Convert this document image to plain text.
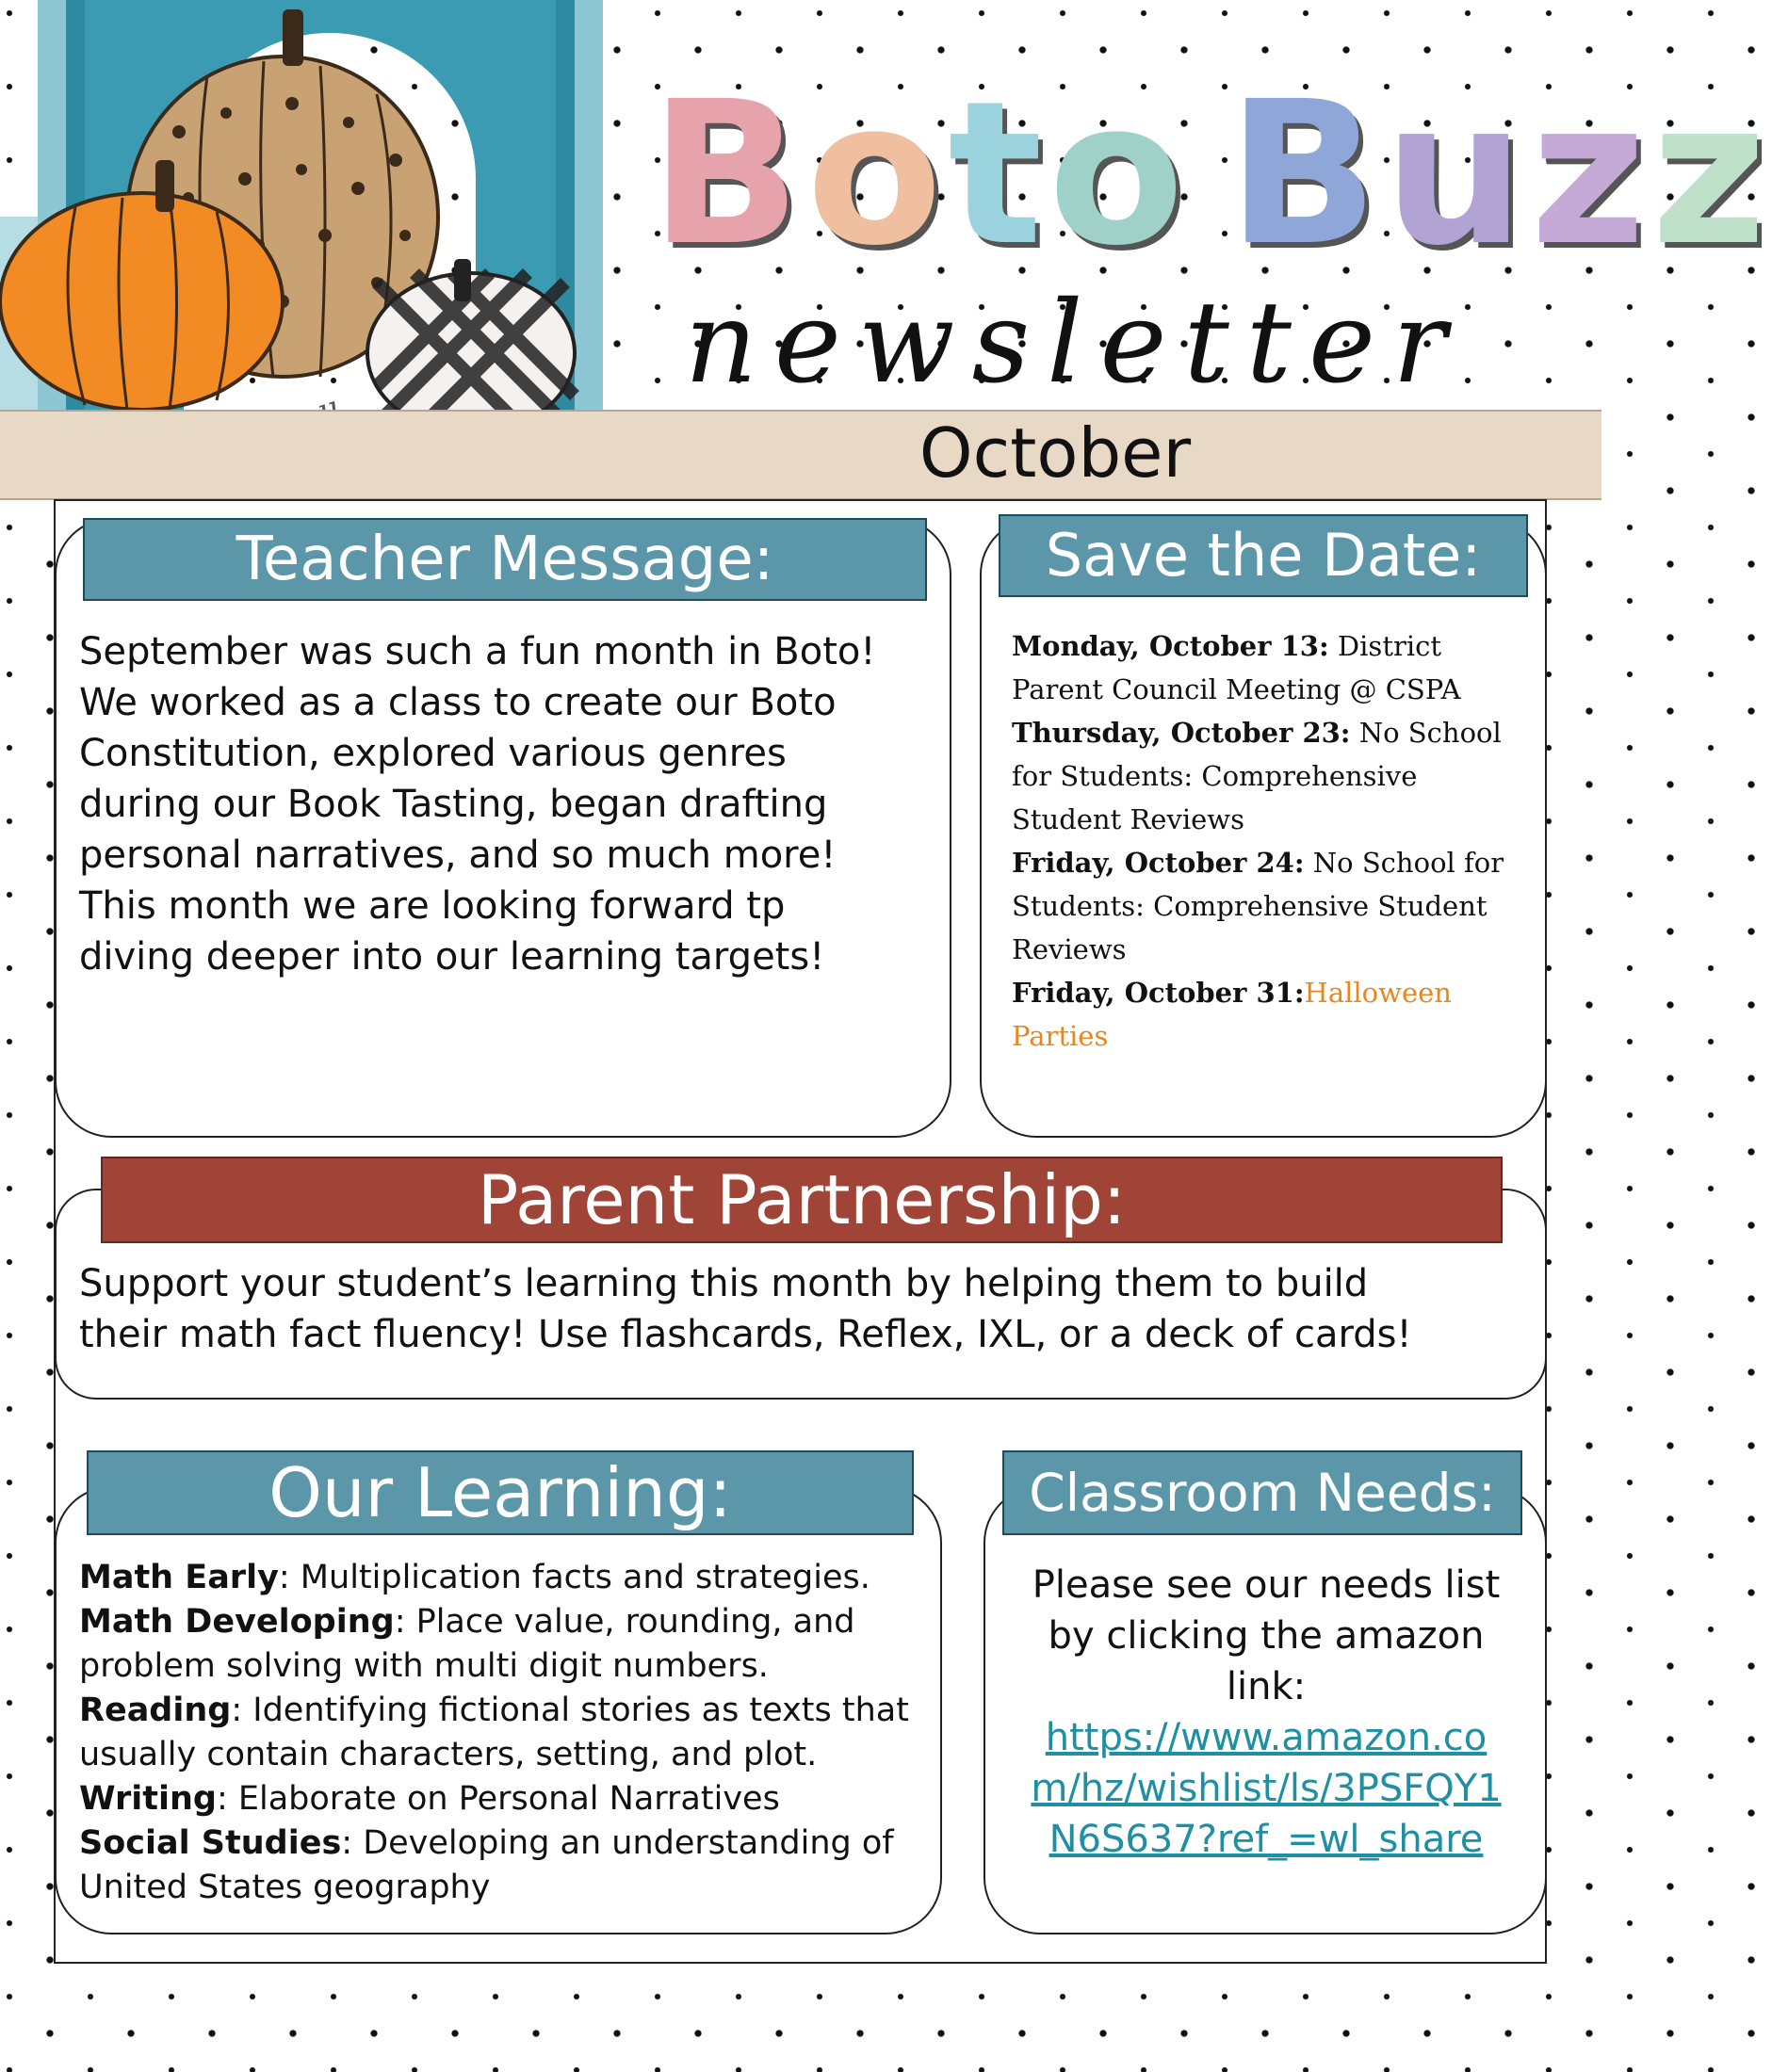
Boto Buzz
newsletter
October
Teacher Message:
September was such a fun month in Boto!
We worked as a class to create our Boto
Constitution, explored various genres
during our Book Tasting, began drafting
personal narratives, and so much more!
This month we are looking forward tp
diving deeper into our learning targets!
Save the Date:

Monday, October 13: District Parent Council Meeting @ CSPA

Thursday, October 23: No School for Students: Comprehensive Student Reviews

Friday, October 24: No School for Students: Comprehensive Student Reviews

Friday, October 31:Halloween Parties

Parent Partnership:
Support your student’s learning this month by helping them to build
their math fact fluency! Use flashcards, Reflex, IXL, or a deck of cards!
Our Learning:

Math Early: Multiplication facts and strategies.

Math Developing: Place value, rounding, and problem solving with multi digit numbers.

Reading: Identifying fictional stories as texts that usually contain characters, setting, and plot.

Writing: Elaborate on Personal Narratives

Social Studies: Developing an understanding of United States geography

Classroom Needs:
Please see our needs list by clicking the amazon link:
https://www.amazon.co
m/hz/wishlist/ls/3PSFQY1
N6S637?ref_=wl_share
